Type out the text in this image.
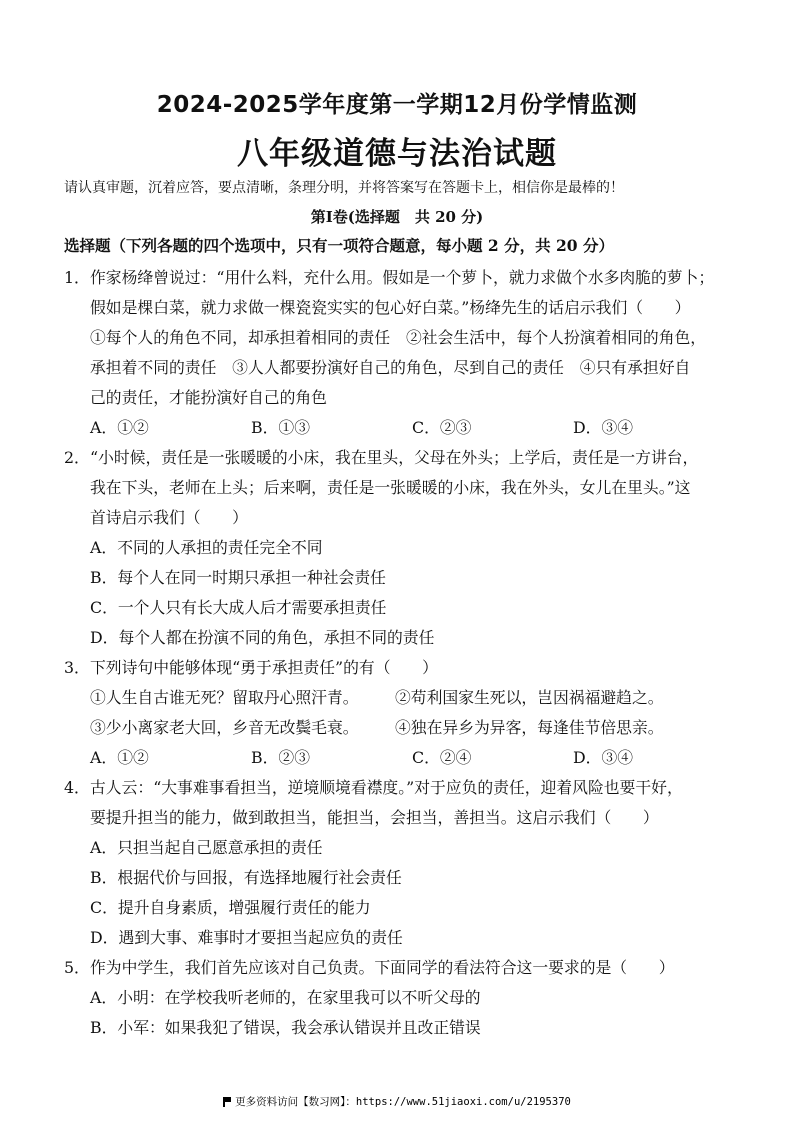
2024-2025学年度第一学期12月份学情监测
八年级道德与法治试题
请认真审题，沉着应答，要点清晰，条理分明，并将答案写在答题卡上，相信你是最棒的！
第Ⅰ卷(选择题　共 20 分)
选择题（下列各题的四个选项中，只有一项符合题意，每小题 2 分，共 20 分）
1． 作家杨绛曾说过：“用什么料，充什么用。假如是一个萝卜，就力求做个水多肉脆的萝卜；
假如是棵白菜，就力求做一棵瓷瓷实实的包心好白菜。”杨绛先生的话启示我们（　　）
①每个人的角色不同，却承担着相同的责任　②社会生活中，每个人扮演着相同的角色，
承担着不同的责任　③人人都要扮演好自己的角色，尽到自己的责任　④只有承担好自
己的责任，才能扮演好自己的角色
A．①②	B．①③	C．②③	D．③④
2． “小时候，责任是一张暖暖的小床，我在里头，父母在外头；上学后，责任是一方讲台，
我在下头，老师在上头；后来啊，责任是一张暖暖的小床，我在外头，女儿在里头。”这
首诗启示我们（　　）
A．不同的人承担的责任完全不同
B．每个人在同一时期只承担一种社会责任
C．一个人只有长大成人后才需要承担责任
D．每个人都在扮演不同的角色，承担不同的责任
3． 下列诗句中能够体现“勇于承担责任”的有（　　）
①人生自古谁无死？留取丹心照汗青。	②苟利国家生死以，岂因祸福避趋之。
③少小离家老大回，乡音无改鬓毛衰。	④独在异乡为异客，每逢佳节倍思亲。
A．①②	B．②③	C．②④	D．③④
4． 古人云：“大事难事看担当，逆境顺境看襟度。”对于应负的责任，迎着风险也要干好，
要提升担当的能力，做到敢担当，能担当，会担当，善担当。这启示我们（　　）
A．只担当起自己愿意承担的责任
B．根据代价与回报，有选择地履行社会责任
C．提升自身素质，增强履行责任的能力
D．遇到大事、难事时才要担当起应负的责任
5． 作为中学生，我们首先应该对自己负责。下面同学的看法符合这一要求的是（　　）
A．小明：在学校我听老师的，在家里我可以不听父母的
B．小军：如果我犯了错误，我会承认错误并且改正错误
更多资料访问【数习网】：https://www.51jiaoxi.com/u/2195370
